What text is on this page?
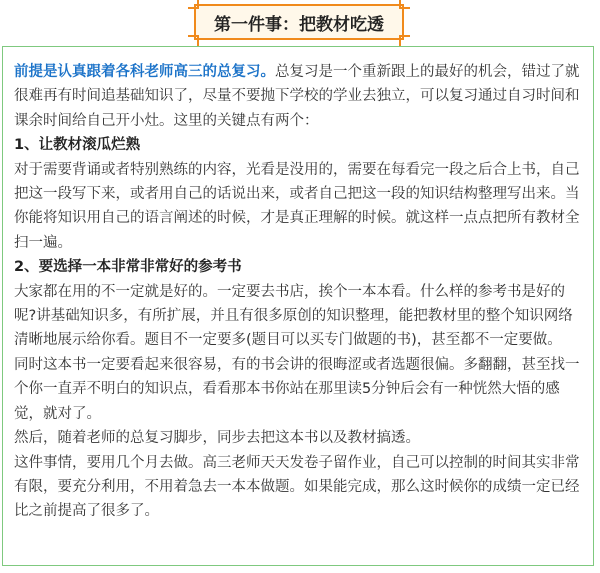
第一件事：把教材吃透

前提是认真跟着各科老师高三的总复习。总复习是一个重新跟上的最好的机会，错过了就很难再有时间追基础知识了，尽量不要抛下学校的学业去独立，可以复习通过自习时间和课余时间给自己开小灶。这里的关键点有两个：

1、让教材滚瓜烂熟

对于需要背诵或者特别熟练的内容，光看是没用的，需要在每看完一段之后合上书，自己把这一段写下来，或者用自己的话说出来，或者自己把这一段的知识结构整理写出来。当你能将知识用自己的语言阐述的时候，才是真正理解的时候。就这样一点点把所有教材全扫一遍。

2、要选择一本非常非常好的参考书

大家都在用的不一定就是好的。一定要去书店，挨个一本本看。什么样的参考书是好的呢?讲基础知识多，有所扩展，并且有很多原创的知识整理，能把教材里的整个知识网络清晰地展示给你看。题目不一定要多(题目可以买专门做题的书)，甚至都不一定要做。

同时这本书一定要看起来很容易，有的书会讲的很晦涩或者选题很偏。多翻翻，甚至找一个你一直弄不明白的知识点，看看那本书你站在那里读5分钟后会有一种恍然大悟的感觉，就对了。

然后，随着老师的总复习脚步，同步去把这本书以及教材搞透。

这件事情，要用几个月去做。高三老师天天发卷子留作业，自己可以控制的时间其实非常有限，要充分利用，不用着急去一本本做题。如果能完成，那么这时候你的成绩一定已经比之前提高了很多了。
